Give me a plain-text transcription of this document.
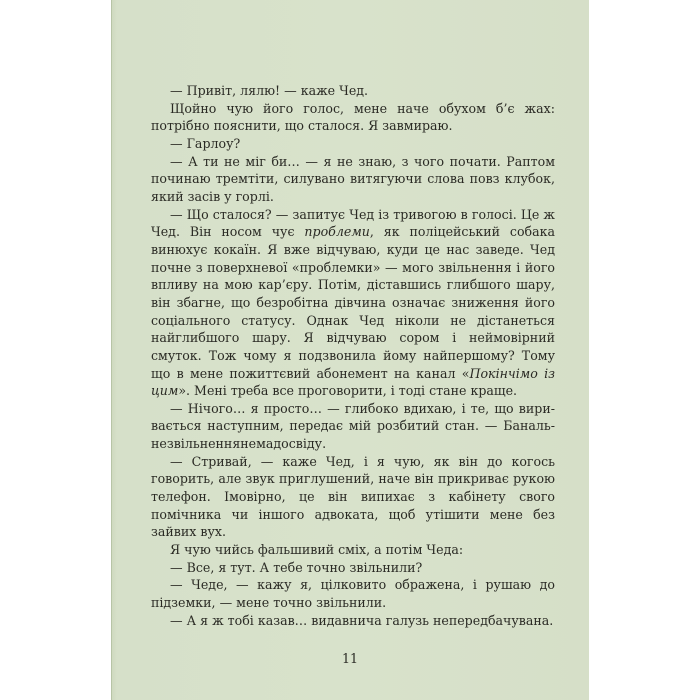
— Привіт, лялю! — каже Чед.

Щойно чую його голос, мене наче обухом б’є жах: потрібно пояснити, що сталося. Я завмираю.

— Гарлоу?

— А ти не міг би… — я не знаю, з чого почати. Раптом починаю тремтіти, силувано витягуючи слова повз клубок, який засів у горлі.

— Що сталося? — запитує Чед із тривогою в голосі. Це ж Чед. Він носом чує проблеми, як поліцейський собака винюхує кокаїн. Я вже відчуваю, куди це нас заведе. Чед почне з поверхневої «проблемки» — мого звільнення і його впливу на мою кар’єру. Потім, діставшись глибшого шару, він збагне, що безробітна дівчина означає зниження його соціального статусу. Однак Чед ніколи не дістанеться найглибшого шару. Я відчуваю сором і неймовірний смуток. Тож чому я подзвонила йому найпершому? Тому що в мене пожиттєвий абонемент на канал «Покінчімо із цим». Мені треба все проговорити, і тоді стане краще.

— Нічого… я просто… — глибоко вдихаю, і те, що виривається наступним, передає мій розбитий стан. — Банальнезвільненнянемадосвіду.

— Стривай, — каже Чед, і я чую, як він до когось говорить, але звук приглушений, наче він прикриває рукою телефон. Імовірно, це він випихає з кабінету свого помічника чи іншого адвоката, щоб утішити мене без зайвих вух.

Я чую чийсь фальшивий сміх, а потім Чеда:

— Все, я тут. А тебе точно звільнили?

— Чеде, — кажу я, цілковито ображена, і рушаю до підземки, — мене точно звільнили.

— А я ж тобі казав… видавнича галузь непередбачувана.

11
